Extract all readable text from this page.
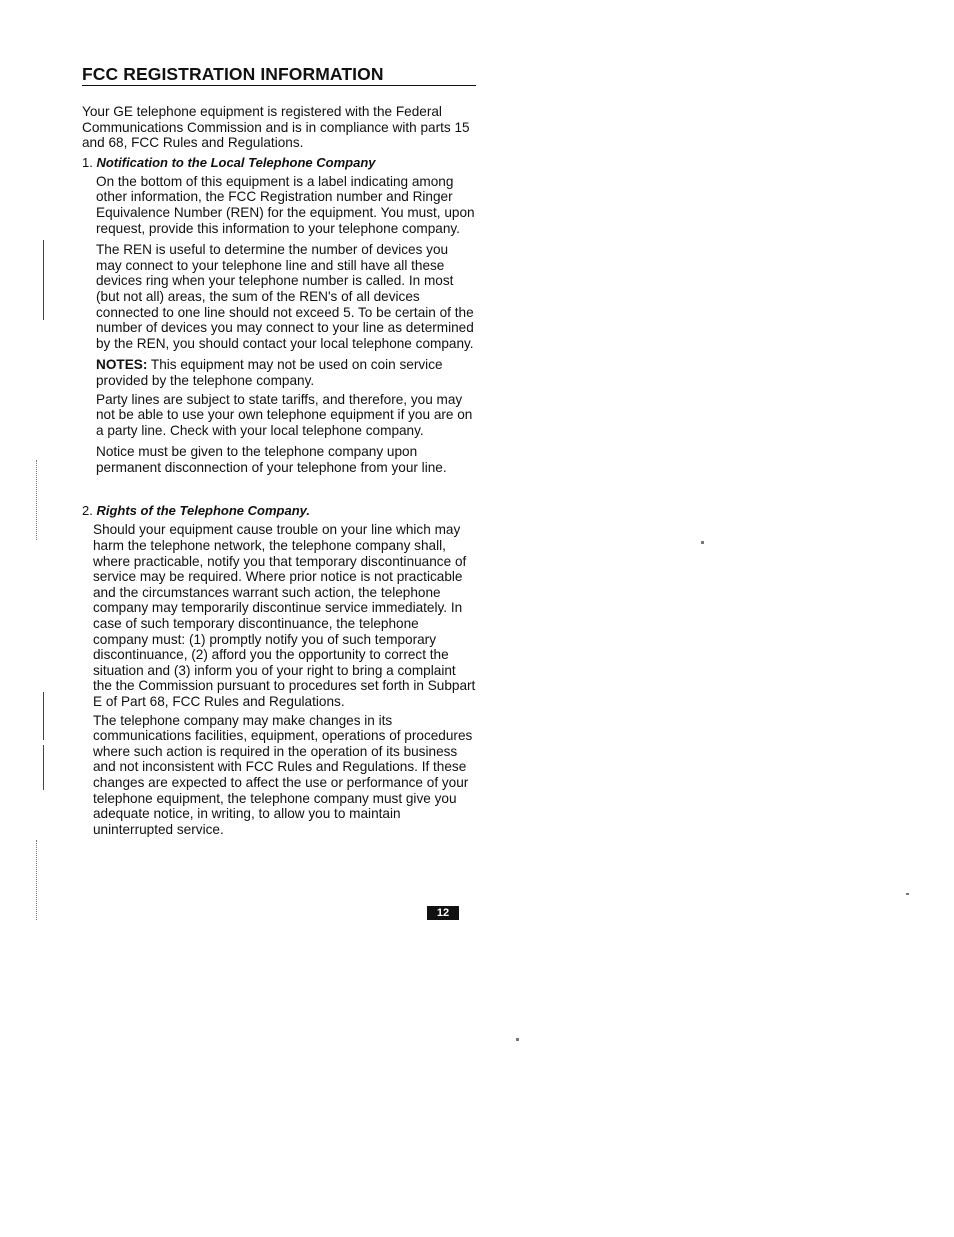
FCC REGISTRATION INFORMATION

Your GE telephone equipment is registered with the Federal Communications Commission and is in compliance with parts 15 and 68, FCC Rules and Regulations.

1. Notification to the Local Telephone Company

On the bottom of this equipment is a label indicating among other information, the FCC Registration number and Ringer Equivalence Number (REN) for the equipment. You must, upon request, provide this information to your telephone company.

The REN is useful to determine the number of devices you may connect to your telephone line and still have all these devices ring when your telephone number is called. In most (but not all) areas, the sum of the REN's of all devices connected to one line should not exceed 5. To be certain of the number of devices you may connect to your line as determined by the REN, you should contact your local telephone company.

NOTES: This equipment may not be used on coin service provided by the telephone company.

Party lines are subject to state tariffs, and therefore, you may not be able to use your own telephone equipment if you are on a party line. Check with your local telephone company.

Notice must be given to the telephone company upon permanent disconnection of your telephone from your line.

2. Rights of the Telephone Company.

Should your equipment cause trouble on your line which may harm the telephone network, the telephone company shall, where practicable, notify you that temporary discontinuance of service may be required. Where prior notice is not practicable and the circumstances warrant such action, the telephone company may temporarily discontinue service immediately. In case of such temporary discontinuance, the telephone company must: (1) promptly notify you of such temporary discontinuance, (2) afford you the opportunity to correct the situation and (3) inform you of your right to bring a complaint the the Commission pursuant to procedures set forth in Subpart E of Part 68, FCC Rules and Regulations.

The telephone company may make changes in its communications facilities, equipment, operations of procedures where such action is required in the operation of its business and not inconsistent with FCC Rules and Regulations. If these changes are expected to affect the use or performance of your telephone equipment, the telephone company must give you adequate notice, in writing, to allow you to maintain uninterrupted service.

12
